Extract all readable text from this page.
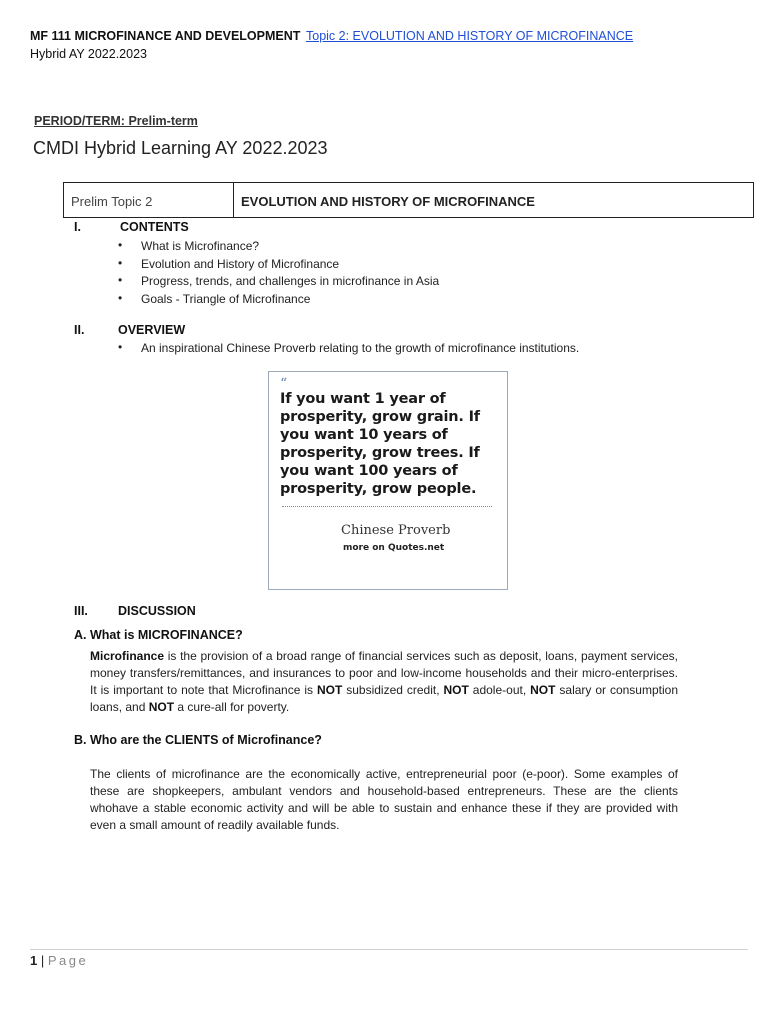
MF 111 MICROFINANCE AND DEVELOPMENT Topic 2: EVOLUTION AND HISTORY OF MICROFINANCE
Hybrid AY 2022.2023
PERIOD/TERM: Prelim-term
CMDI Hybrid Learning AY 2022.2023
Prelim Topic 2	EVOLUTION AND HISTORY OF MICROFINANCE
I.	CONTENTS
• What is Microfinance?
• Evolution and History of Microfinance
• Progress, trends, and challenges in microfinance in Asia
• Goals - Triangle of Microfinance
II.	OVERVIEW
• An inspirational Chinese Proverb relating to the growth of microfinance institutions.
“
If you want 1 year of
prosperity, grow grain. If
you want 10 years of
prosperity, grow trees. If
you want 100 years of
prosperity, grow people.
Chinese Proverb
more on Quotes.net
III. DISCUSSION
A. What is MICROFINANCE?
Microfinance is the provision of a broad range of financial services such as deposit, loans, payment services, money transfers/remittances, and insurances to poor and low-income households and their micro-enterprises. It is important to note that Microfinance is NOT subsidized credit, NOT adole-out, NOT salary or consumption loans, and NOT a cure-all for poverty.
B. Who are the CLIENTS of Microfinance?
The clients of microfinance are the economically active, entrepreneurial poor (e-poor). Some examples of these are shopkeepers, ambulant vendors and household-based entrepreneurs. These are the clients whohave a stable economic activity and will be able to sustain and enhance these if they are provided with even a small amount of readily available funds.
1 | Page
